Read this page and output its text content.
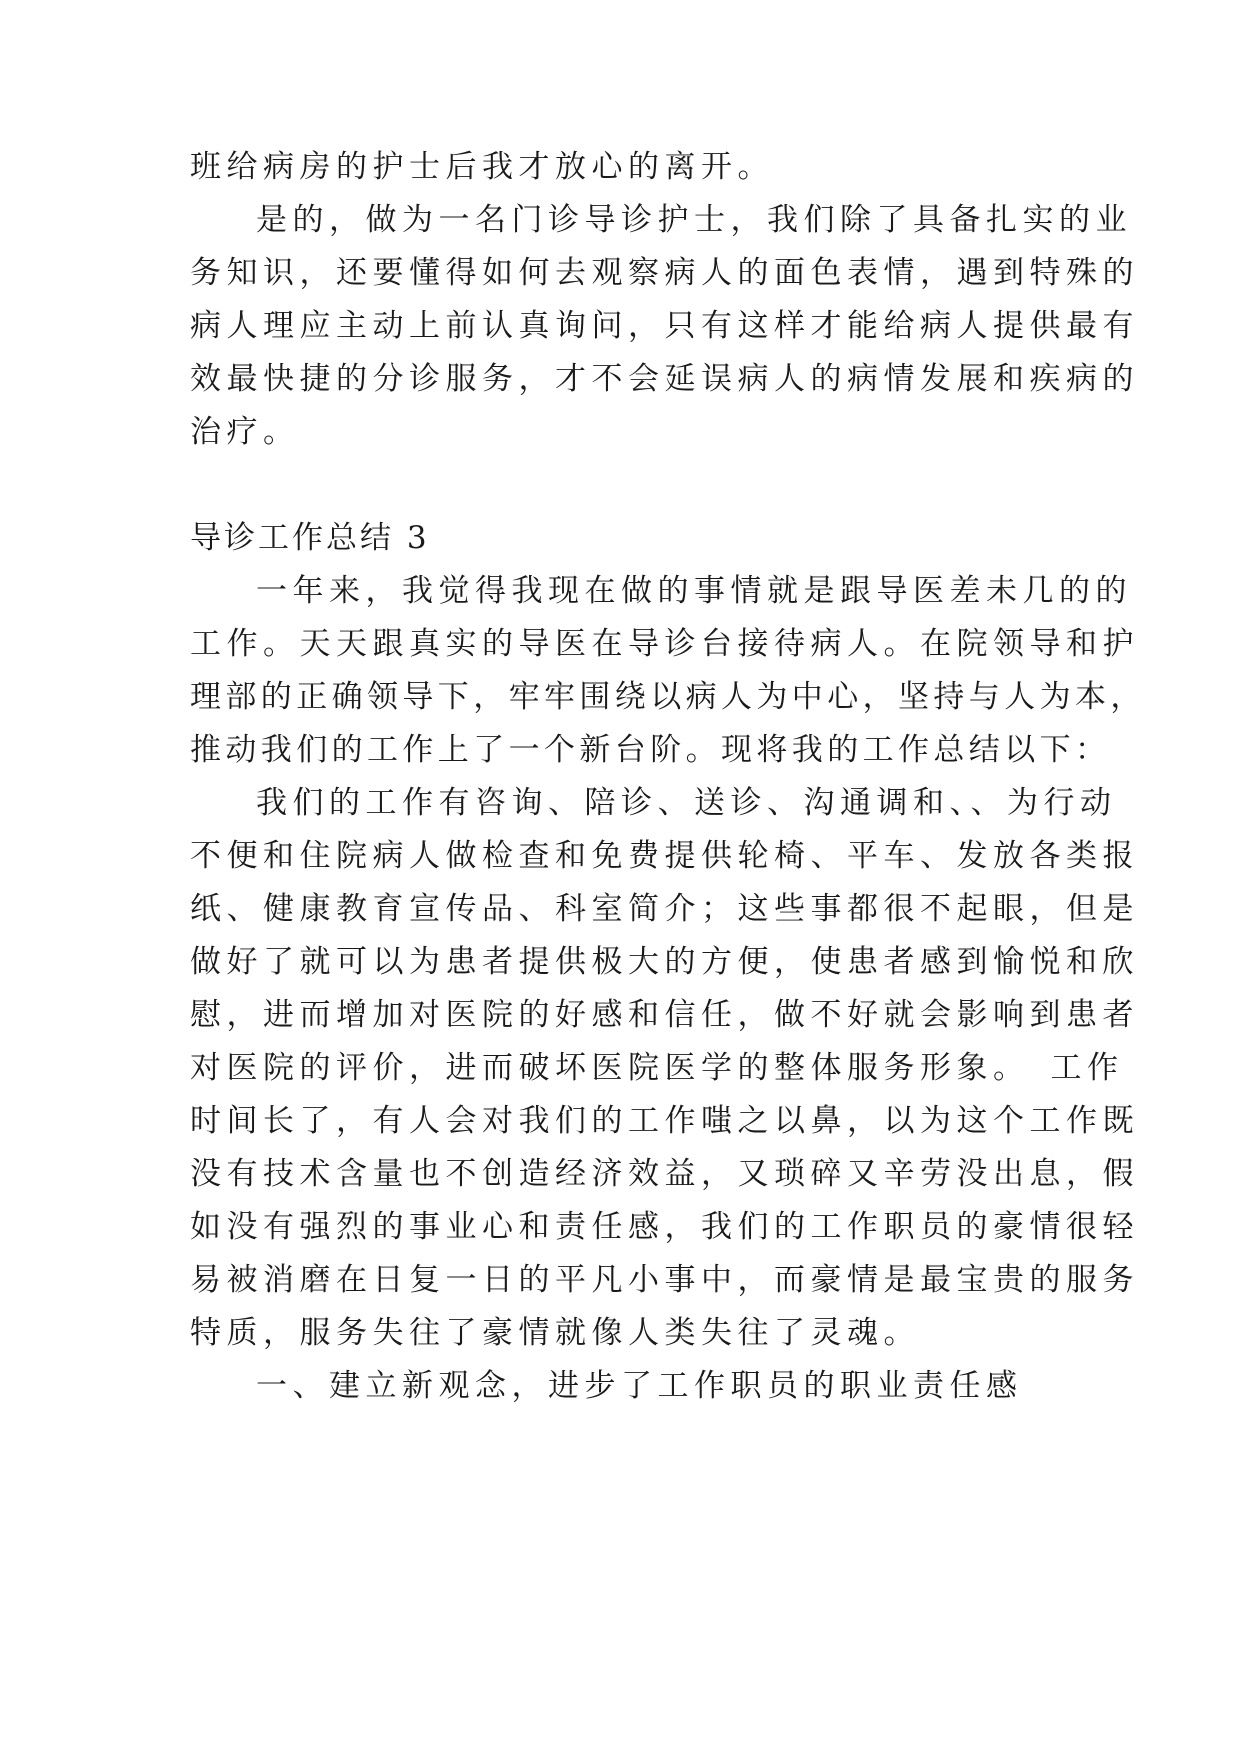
班给病房的护士后我才放心的离开。
是的，做为一名门诊导诊护士，我们除了具备扎实的业
务知识，还要懂得如何去观察病人的面色表情，遇到特殊的
病人理应主动上前认真询问，只有这样才能给病人提供最有
效最快捷的分诊服务，才不会延误病人的病情发展和疾病的
治疗。
导诊工作总结 3
一年来，我觉得我现在做的事情就是跟导医差未几的的
工作。天天跟真实的导医在导诊台接待病人。在院领导和护
理部的正确领导下，牢牢围绕以病人为中心，坚持与人为本，
推动我们的工作上了一个新台阶。现将我的工作总结以下：
我们的工作有咨询、陪诊、送诊、沟通调和、、为行动
不便和住院病人做检查和免费提供轮椅、平车、发放各类报
纸、健康教育宣传品、科室简介；这些事都很不起眼，但是
做好了就可以为患者提供极大的方便，使患者感到愉悦和欣
慰，进而增加对医院的好感和信任，做不好就会影响到患者
对医院的评价，进而破坏医院医学的整体服务形象。　工作
时间长了，有人会对我们的工作嗤之以鼻，以为这个工作既
没有技术含量也不创造经济效益，又琐碎又辛劳没出息，假
如没有强烈的事业心和责任感，我们的工作职员的豪情很轻
易被消磨在日复一日的平凡小事中，而豪情是最宝贵的服务
特质，服务失往了豪情就像人类失往了灵魂。
一、建立新观念，进步了工作职员的职业责任感
